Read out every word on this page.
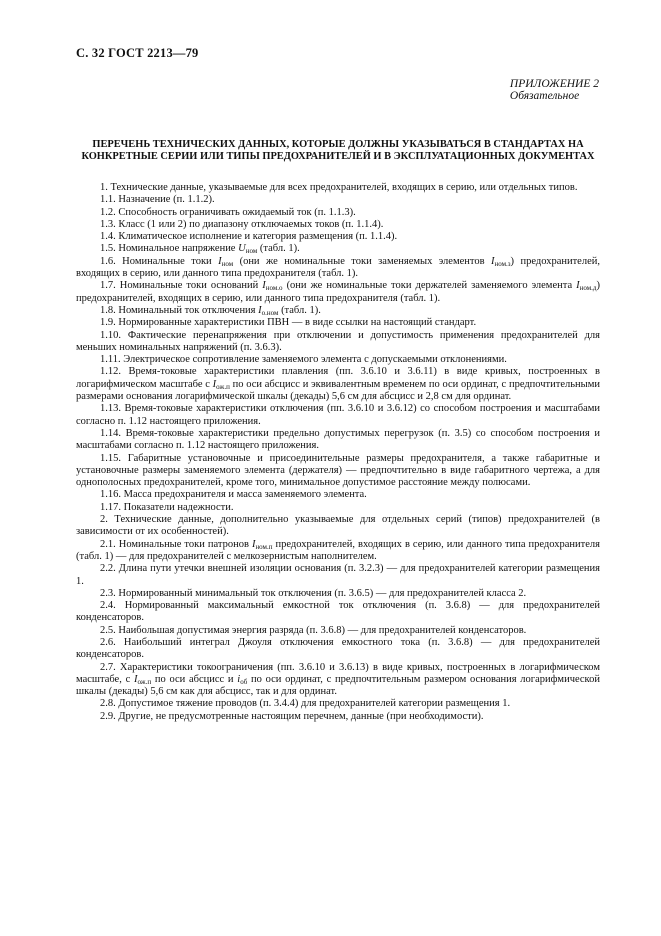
С. 32 ГОСТ 2213—79
ПРИЛОЖЕНИЕ 2
Обязательное
ПЕРЕЧЕНЬ ТЕХНИЧЕСКИХ ДАННЫХ, КОТОРЫЕ ДОЛЖНЫ УКАЗЫВАТЬСЯ В СТАНДАРТАХ НА КОНКРЕТНЫЕ СЕРИИ ИЛИ ТИПЫ ПРЕДОХРАНИТЕЛЕЙ И В ЭКСПЛУАТАЦИОННЫХ ДОКУМЕНТАХ

1. Технические данные, указываемые для всех предохранителей, входящих в серию, или отдельных типов.

1.1. Назначение (п. 1.1.2).

1.2. Способность ограничивать ожидаемый ток (п. 1.1.3).

1.3. Класс (1 или 2) по диапазону отключаемых токов (п. 1.1.4).

1.4. Климатическое исполнение и категория размещения (п. 1.1.4).

1.5. Номинальное напряжение $U_{ном}$ (табл. 1).

1.6. Номинальные токи $I_{ном}$ (они же номинальные токи заменяемых элементов $I_{ном.з}$) предохранителей, входящих в серию, или данного типа предохранителя (табл. 1).

1.7. Номинальные токи оснований $I_{ном.о}$ (они же номинальные токи держателей заменяемого элемента $I_{ном.д}$) предохранителей, входящих в серию, или данного типа предохранителя (табл. 1).

1.8. Номинальный ток отключения $I_{о.ном}$ (табл. 1).

1.9. Нормированные характеристики ПВН — в виде ссылки на настоящий стандарт.

1.10. Фактические перенапряжения при отключении и допустимость применения предохранителей для меньших номинальных напряжений (п. 3.6.3).

1.11. Электрическое сопротивление заменяемого элемента с допускаемыми отклонениями.

1.12. Время-токовые характеристики плавления (пп. 3.6.10 и 3.6.11) в виде кривых, построенных в логарифмическом масштабе с $I_{ож.п}$ по оси абсцисс и эквивалентным временем по оси ординат, с предпочтительными размерами основания логарифмической шкалы (декады) 5,6 см для абсцисс и 2,8 см для ординат.

1.13. Время-токовые характеристики отключения (пп. 3.6.10 и 3.6.12) со способом построения и масштабами согласно п. 1.12 настоящего приложения.

1.14. Время-токовые характеристики предельно допустимых перегрузок (п. 3.5) со способом построения и масштабами согласно п. 1.12 настоящего приложения.

1.15. Габаритные установочные и присоединительные размеры предохранителя, а также габаритные и установочные размеры заменяемого элемента (держателя) — предпочтительно в виде габаритного чертежа, а для однополосных предохранителей, кроме того, минимальное допустимое расстояние между полюсами.

1.16. Масса предохранителя и масса заменяемого элемента.

1.17. Показатели надежности.

2. Технические данные, дополнительно указываемые для отдельных серий (типов) предохранителей (в зависимости от их особенностей).

2.1. Номинальные токи патронов $I_{ном.п}$ предохранителей, входящих в серию, или данного типа предохранителя (табл. 1) — для предохранителей с мелкозернистым наполнителем.

2.2. Длина пути утечки внешней изоляции основания (п. 3.2.3) — для предохранителей категории размещения 1.

2.3. Нормированный минимальный ток отключения (п. 3.6.5) — для предохранителей класса 2.

2.4. Нормированный максимальный емкостной ток отключения (п. 3.6.8) — для предохранителей конденсаторов.

2.5. Наибольшая допустимая энергия разряда (п. 3.6.8) — для предохранителей конденсаторов.

2.6. Наибольший интеграл Джоуля отключения емкостного тока (п. 3.6.8) — для предохранителей конденсаторов.

2.7. Характеристики токоограничения (пп. 3.6.10 и 3.6.13) в виде кривых, построенных в логарифмическом масштабе, с $I_{ож.п}$ по оси абсцисс и $i_{об}$ по оси ординат, с предпочтительным размером основания логарифмической шкалы (декады) 5,6 см как для абсцисс, так и для ординат.

2.8. Допустимое тяжение проводов (п. 3.4.4) для предохранителей категории размещения 1.

2.9. Другие, не предусмотренные настоящим перечнем, данные (при необходимости).
